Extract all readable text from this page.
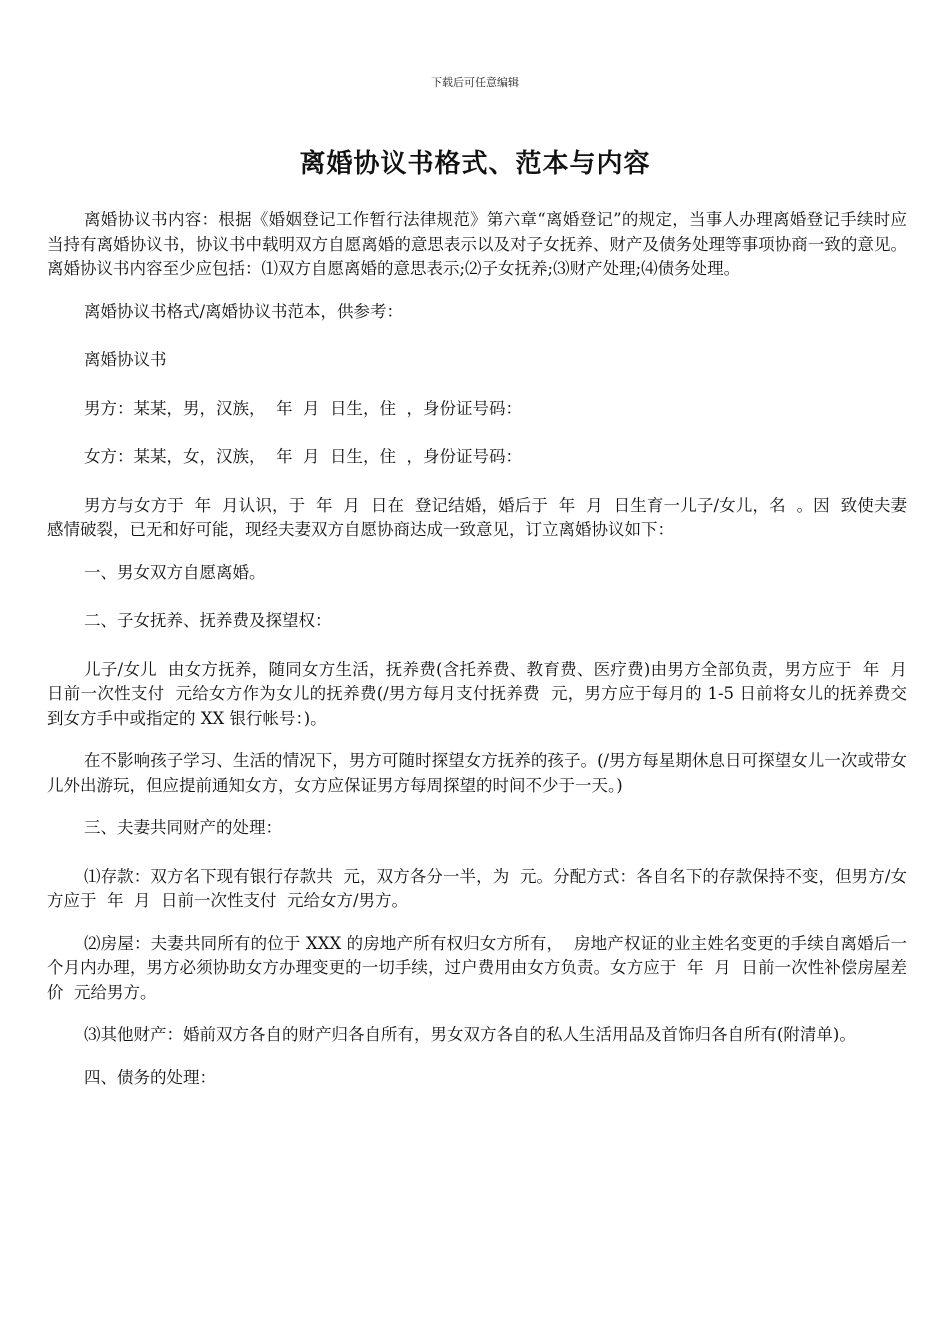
下载后可任意编辑
离婚协议书格式、范本与内容

离婚协议书内容：根据《婚姻登记工作暂行法律规范》第六章“离婚登记”的规定，当事人办理离婚登记手续时应当持有离婚协议书，协议书中载明双方自愿离婚的意思表示以及对子女抚养、财产及债务处理等事项协商一致的意见。离婚协议书内容至少应包括：⑴双方自愿离婚的意思表示;⑵子女抚养;⑶财产处理;⑷债务处理。

离婚协议书格式/离婚协议书范本，供参考：

离婚协议书

男方：某某，男，汉族，  年  月  日生，住  ，身份证号码：

女方：某某，女，汉族，  年  月  日生，住  ，身份证号码：

男方与女方于  年  月认识，于  年  月  日在  登记结婚，婚后于  年  月  日生育一儿子/女儿，名  。因  致使夫妻感情破裂，已无和好可能，现经夫妻双方自愿协商达成一致意见，订立离婚协议如下：

一、男女双方自愿离婚。

二、子女抚养、抚养费及探望权：

儿子/女儿  由女方抚养，随同女方生活，抚养费(含托养费、教育费、医疗费)由男方全部负责，男方应于  年  月  日前一次性支付  元给女方作为女儿的抚养费(/男方每月支付抚养费  元，男方应于每月的 1-5 日前将女儿的抚养费交到女方手中或指定的 XX 银行帐号：)。

在不影响孩子学习、生活的情况下，男方可随时探望女方抚养的孩子。(/男方每星期休息日可探望女儿一次或带女儿外出游玩，但应提前通知女方，女方应保证男方每周探望的时间不少于一天。)

三、夫妻共同财产的处理：

⑴存款：双方名下现有银行存款共  元，双方各分一半，为  元。分配方式：各自名下的存款保持不变，但男方/女方应于  年  月  日前一次性支付  元给女方/男方。

⑵房屋：夫妻共同所有的位于 XXX 的房地产所有权归女方所有，  房地产权证的业主姓名变更的手续自离婚后一个月内办理，男方必须协助女方办理变更的一切手续，过户费用由女方负责。女方应于  年  月  日前一次性补偿房屋差价  元给男方。

⑶其他财产：婚前双方各自的财产归各自所有，男女双方各自的私人生活用品及首饰归各自所有(附清单)。

四、债务的处理：
